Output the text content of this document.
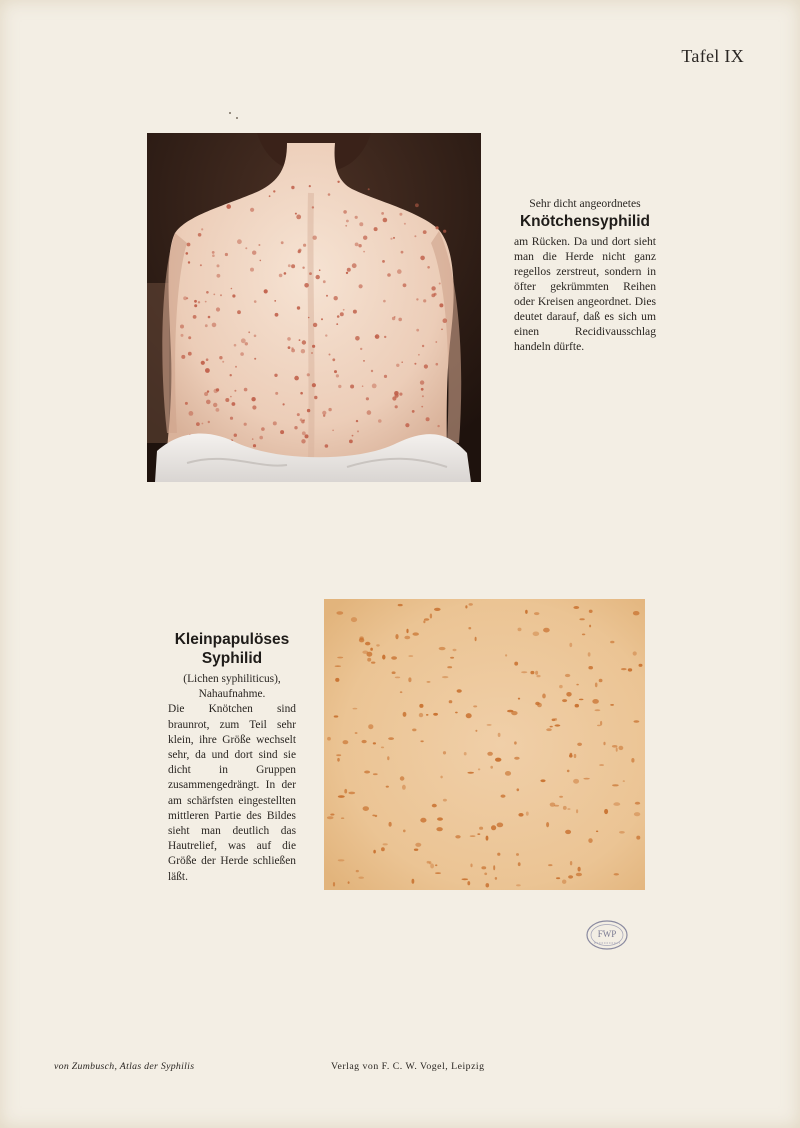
Tafel IX

Sehr dicht angeordnetes

Knötchensyphilid

am Rücken. Da und dort sieht man die Herde nicht ganz regellos zerstreut, sondern in öfter gekrümmten Reihen oder Kreisen angeordnet. Dies deutet darauf, daß es sich um einen Recidivausschlag handeln dürfte.

Kleinpapulöses
Syphilid

(Lichen syphiliticus),

Nahaufnahme.

Die Knötchen sind braunrot, zum Teil sehr klein, ihre Größe wechselt sehr, da und dort sind sie dicht in Gruppen zusammengedrängt. In der am schärfsten eingestellten mittleren Partie des Bildes sieht man deutlich das Hautrelief, was auf die Größe der Herde schließen läßt.

FWP
von Zumbusch, Atlas der Syphilis	Verlag von F. C. W. Vogel, Leipzig
